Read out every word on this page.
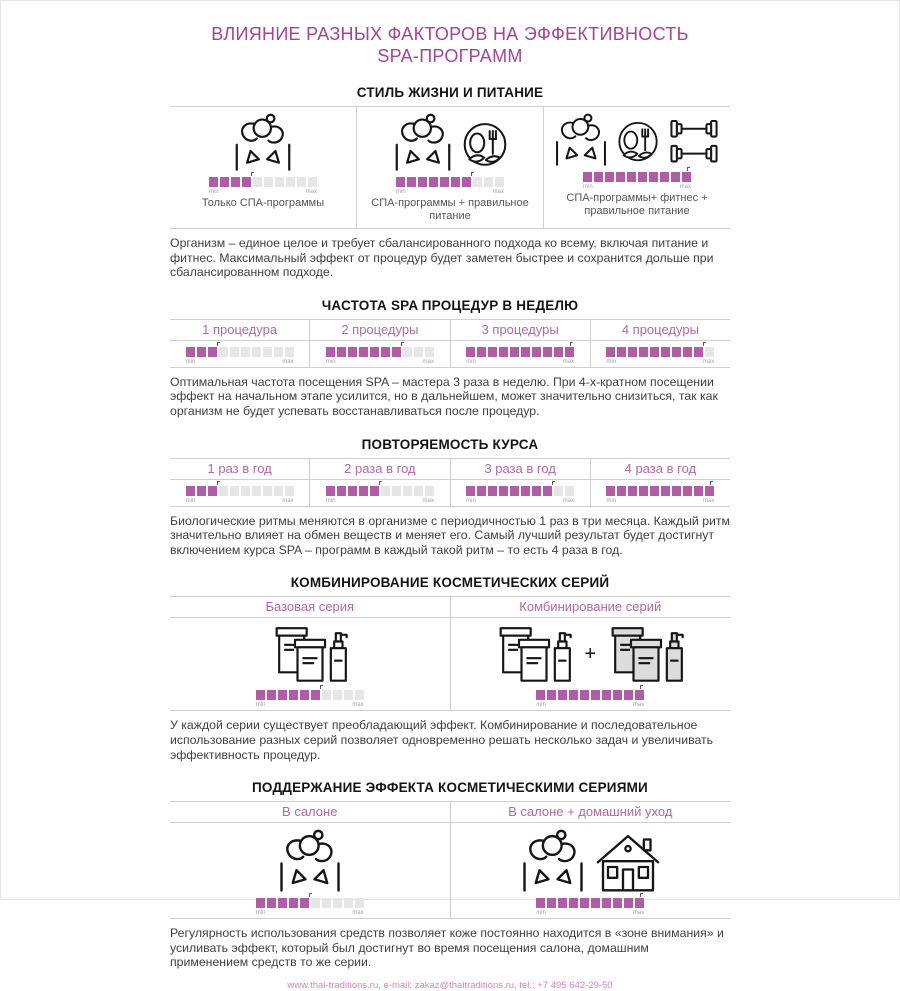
ВЛИЯНИЕ РАЗНЫХ ФАКТОРОВ НА ЭФФЕКТИВНОСТЬ
SPA-ПРОГРАММ
СТИЛЬ ЖИЗНИ И ПИТАНИЕ
min	max
Только СПА-программы
min	max
СПА-программы + правильное питание
min	max
СПА-программы+ фитнес + правильное питание

Организм – единое целое и требует сбалансированного подхода ко всему, включая питание и фитнес. Максимальный эффект от процедур будет заметен быстрее и сохранится дольше при сбалансированном подходе.

ЧАСТОТА SPA ПРОЦЕДУР В НЕДЕЛЮ
1 процедура
min	max
2 процедуры
min	max
3 процедуры
min	max
4 процедуры
min	max

Оптимальная частота посещения SPA – мастера 3 раза в неделю. При 4-х-кратном посещении эффект на начальном этапе усилится, но в дальнейшем, может значительно снизиться, так как организм не будет успевать восстанавливаться после процедур.

ПОВТОРЯЕМОСТЬ КУРСА
1 раз в год
min	max
2 раза в год
min	max
3 раза в год
min	max
4 раза в год
min	max

Биологические ритмы меняются в организме с периодичностью 1 раз в три месяца. Каждый ритм значительно влияет на обмен веществ и меняет его. Самый лучший результат будет достигнут включением курса SPA – программ в каждый такой ритм – то есть 4 раза в год.

КОМБИНИРОВАНИЕ КОСМЕТИЧЕСКИХ СЕРИЙ
Базовая серия
min	max
Комбинирование серий
+
min	max

У каждой серии существует преобладающий эффект. Комбинирование и последовательное использование разных серий позволяет одновременно решать несколько задач и увеличивать эффективность процедур.

ПОДДЕРЖАНИЕ ЭФФЕКТА КОСМЕТИЧЕСКИМИ СЕРИЯМИ
В салоне
min	max
В салоне + домашний уход
min	max

Регулярность использования средств позволяет коже постоянно находится в «зоне внимания» и усиливать эффект, который был достигнут во время посещения салона, домашним применением средств то же серии.

www.thai-traditions.ru, e-mail: zakaz@thaitraditions.ru, tel.: +7 495 642-29-50
